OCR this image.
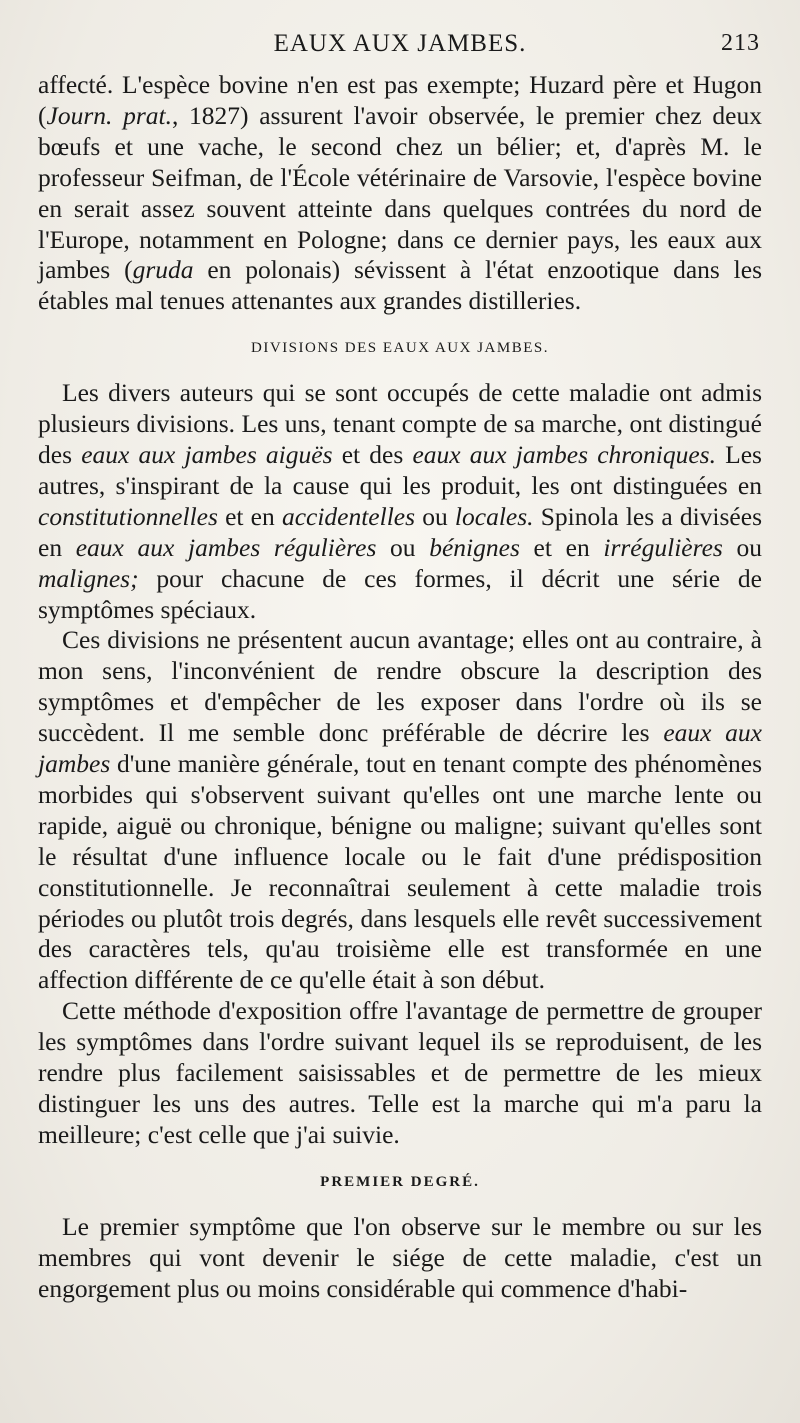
EAUX AUX JAMBES.	213

affecté. L'espèce bovine n'en est pas exempte; Huzard père et Hugon (Journ. prat., 1827) assurent l'avoir observée, le premier chez deux bœufs et une vache, le second chez un bélier; et, d'après M. le professeur Seifman, de l'École vétérinaire de Varsovie, l'espèce bovine en serait assez souvent atteinte dans quelques contrées du nord de l'Europe, notamment en Pologne; dans ce dernier pays, les eaux aux jambes (gruda en polonais) sévissent à l'état enzootique dans les étables mal tenues attenantes aux grandes distilleries.

DIVISIONS DES EAUX AUX JAMBES.

Les divers auteurs qui se sont occupés de cette maladie ont admis plusieurs divisions. Les uns, tenant compte de sa marche, ont distingué des eaux aux jambes aiguës et des eaux aux jambes chroniques. Les autres, s'inspirant de la cause qui les produit, les ont distinguées en constitutionnelles et en accidentelles ou locales. Spinola les a divisées en eaux aux jambes régulières ou bénignes et en irrégulières ou malignes; pour chacune de ces formes, il décrit une série de symptômes spéciaux.

Ces divisions ne présentent aucun avantage; elles ont au contraire, à mon sens, l'inconvénient de rendre obscure la description des symptômes et d'empêcher de les exposer dans l'ordre où ils se succèdent. Il me semble donc préférable de décrire les eaux aux jambes d'une manière générale, tout en tenant compte des phénomènes morbides qui s'observent suivant qu'elles ont une marche lente ou rapide, aiguë ou chronique, bénigne ou maligne; suivant qu'elles sont le résultat d'une influence locale ou le fait d'une prédisposition constitutionnelle. Je reconnaîtrai seulement à cette maladie trois périodes ou plutôt trois degrés, dans lesquels elle revêt successivement des caractères tels, qu'au troisième elle est transformée en une affection différente de ce qu'elle était à son début.

Cette méthode d'exposition offre l'avantage de permettre de grouper les symptômes dans l'ordre suivant lequel ils se reproduisent, de les rendre plus facilement saisissables et de permettre de les mieux distinguer les uns des autres. Telle est la marche qui m'a paru la meilleure; c'est celle que j'ai suivie.

PREMIER DEGRÉ.

Le premier symptôme que l'on observe sur le membre ou sur les membres qui vont devenir le siége de cette maladie, c'est un engorgement plus ou moins considérable qui commence d'habi-
